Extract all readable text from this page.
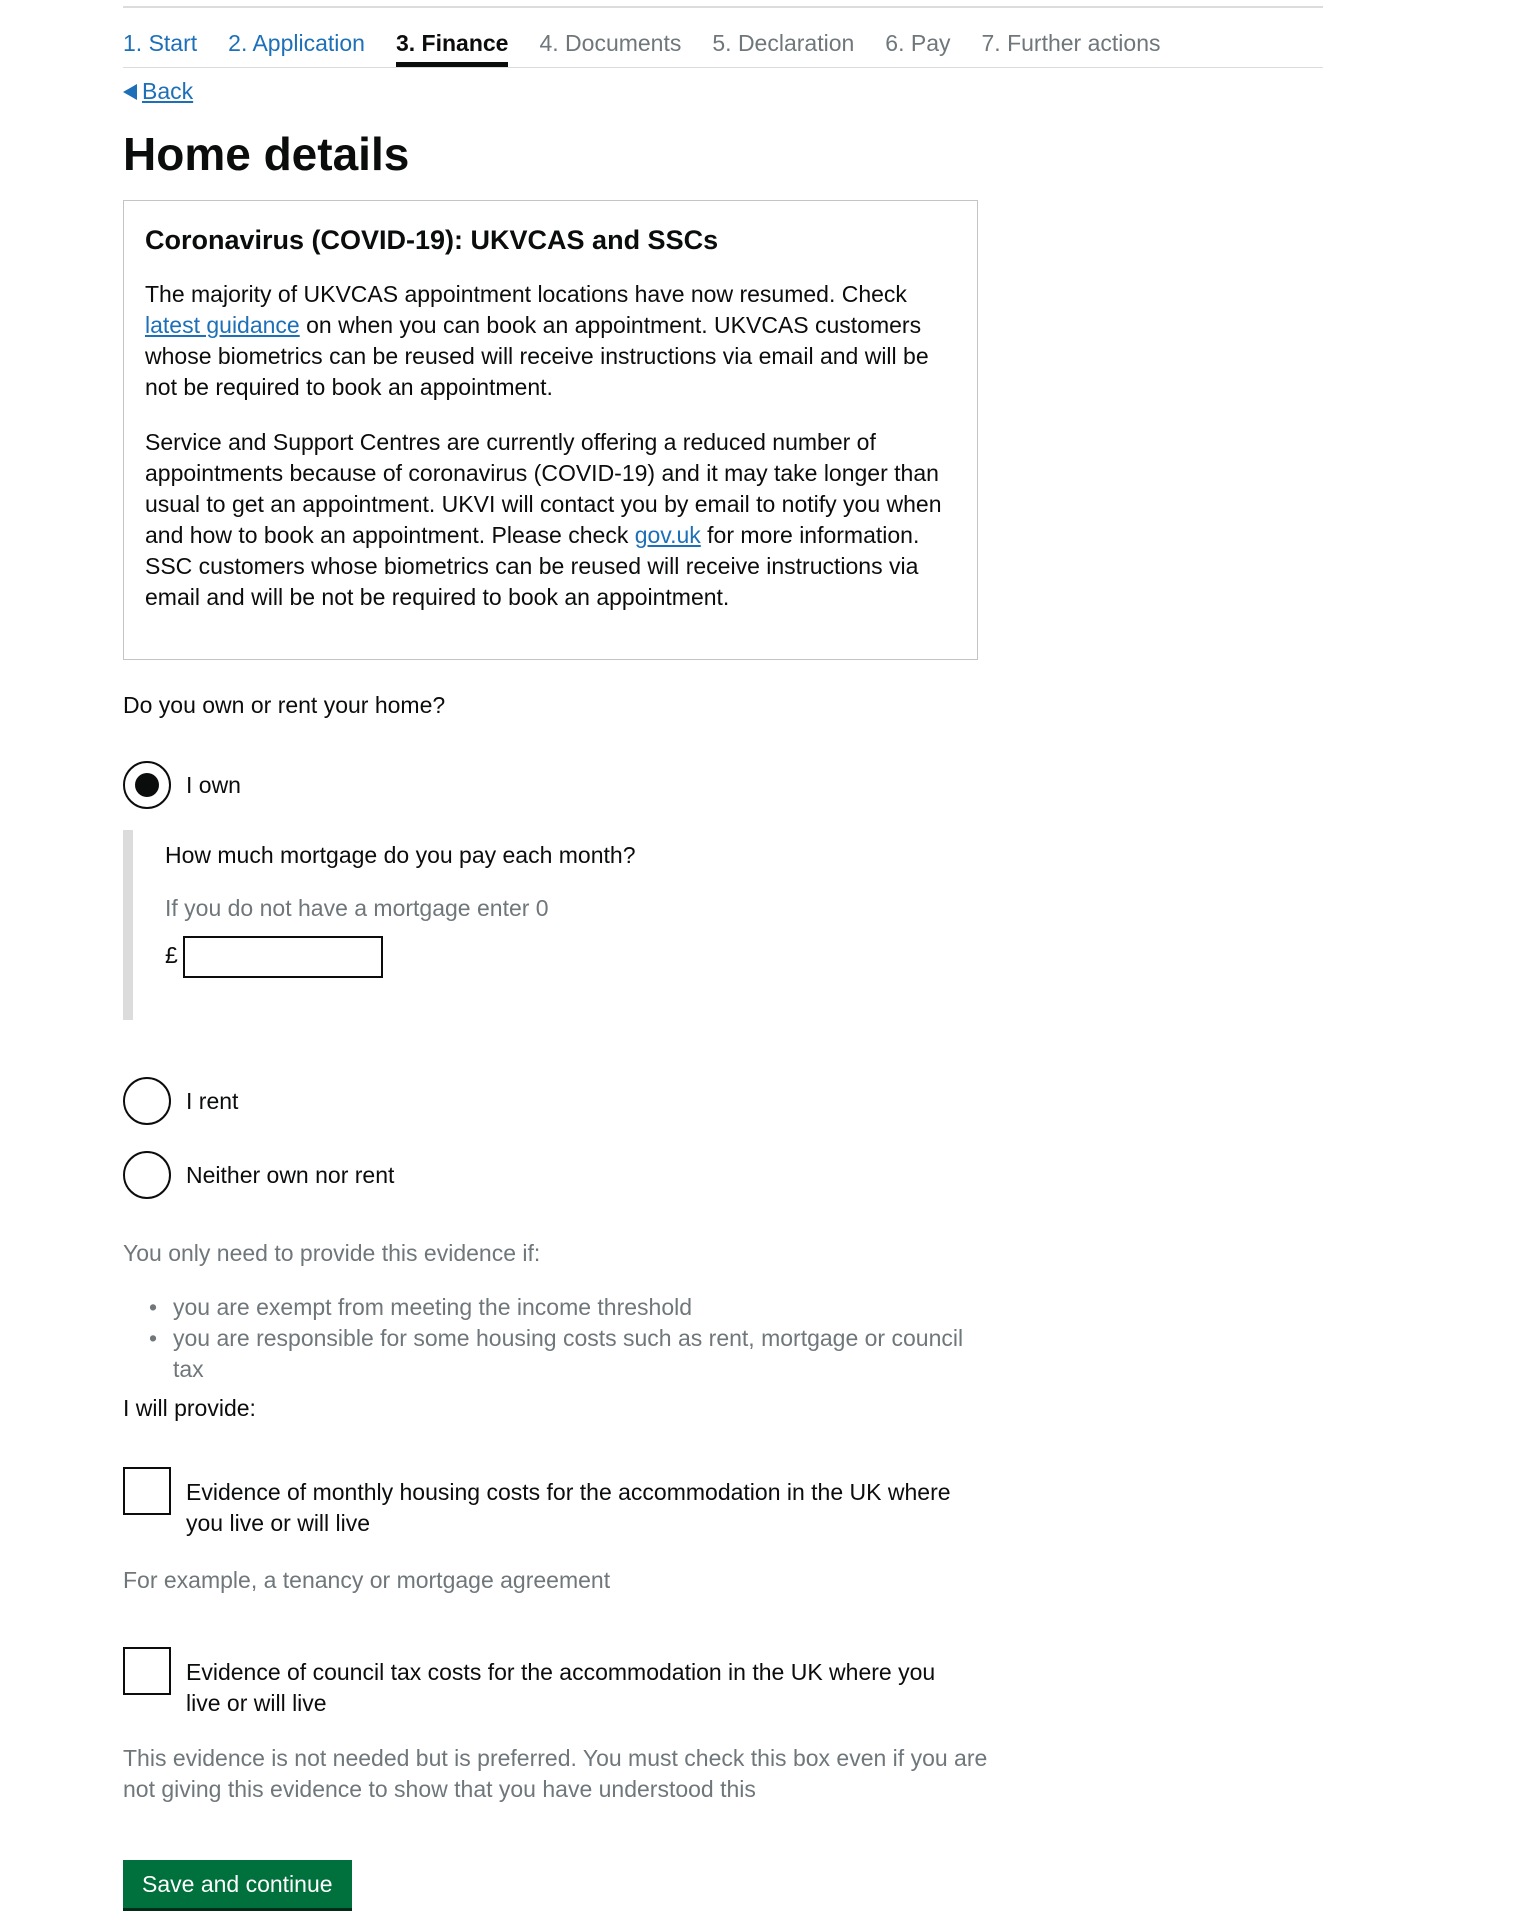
1. Start 2. Application 3. Finance 4. Documents 5. Declaration 6. Pay 7. Further actions
Back
Home details
Coronavirus (COVID-19): UKVCAS and SSCs

The majority of UKVCAS appointment locations have now resumed. Check latest guidance on when you can book an appointment. UKVCAS customers whose biometrics can be reused will receive instructions via email and will be not be required to book an appointment.

Service and Support Centres are currently offering a reduced number of appointments because of coronavirus (COVID-19) and it may take longer than usual to get an appointment. UKVI will contact you by email to notify you when and how to book an appointment. Please check gov.uk for more information. SSC customers whose biometrics can be reused will receive instructions via email and will be not be required to book an appointment.

Do you own or rent your home?
I own
How much mortgage do you pay each month?
If you do not have a mortgage enter 0
£
I rent
Neither own nor rent
You only need to provide this evidence if:
• you are exempt from meeting the income threshold
• you are responsible for some housing costs such as rent, mortgage or council tax
I will provide:
Evidence of monthly housing costs for the accommodation in the UK where you live or will live
For example, a tenancy or mortgage agreement
Evidence of council tax costs for the accommodation in the UK where you live or will live
This evidence is not needed but is preferred. You must check this box even if you are not giving this evidence to show that you have understood this
Save and continue
